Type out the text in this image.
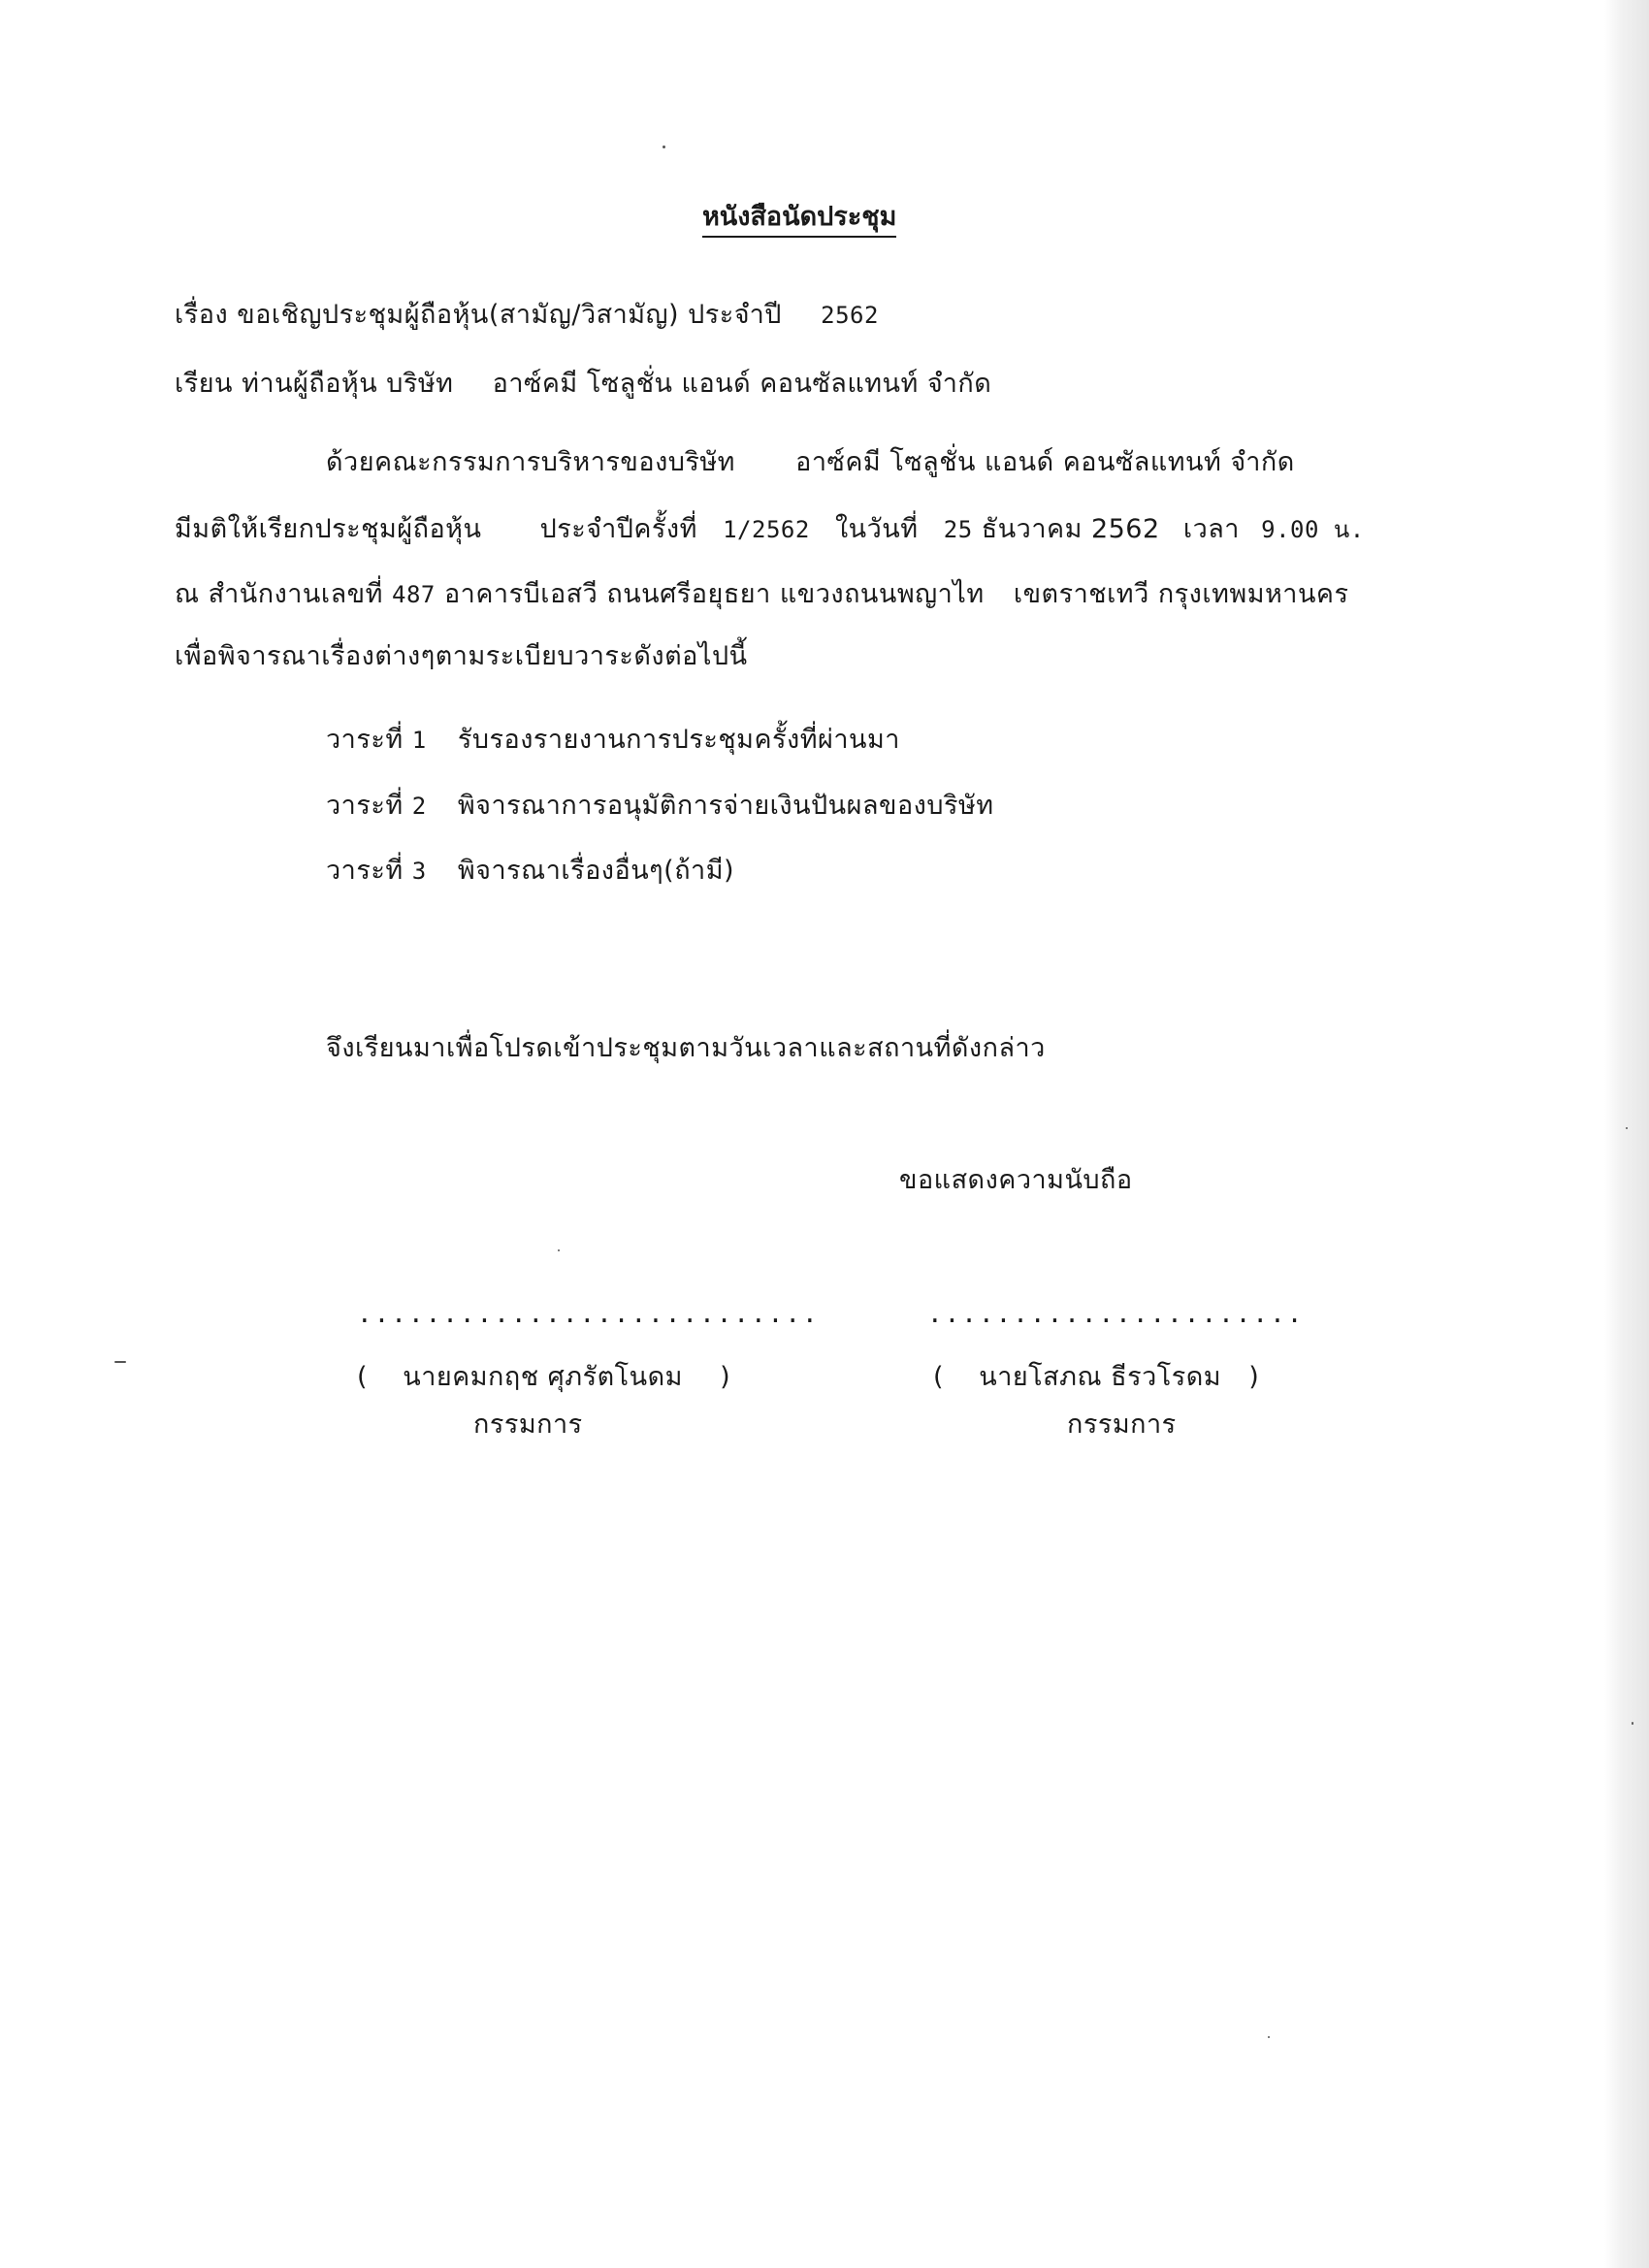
หนังสือนัดประชุม
เรื่อง ขอเชิญประชุมผู้ถือหุ้น(สามัญ/วิสามัญ) ประจำปี 2562
เรียน ท่านผู้ถือหุ้น บริษัท อาซ์คมี โซลูชั่น แอนด์ คอนซัลแทนท์ จำกัด
ด้วยคณะกรรมการบริหารของบริษัท อาซ์คมี โซลูชั่น แอนด์ คอนซัลแทนท์ จำกัด
มีมติให้เรียกประชุมผู้ถือหุ้น ประจำปีครั้งที่ 1/2562 ในวันที่ 25 ธันวาคม 2562 เวลา 9.00 น.
ณ สำนักงานเลขที่ 487 อาคารบีเอสวี ถนนศรีอยุธยา แขวงถนนพญาไท เขตราชเทวี กรุงเทพมหานคร
เพื่อพิจารณาเรื่องต่างๆตามระเบียบวาระดังต่อไปนี้
วาระที่ 1 รับรองรายงานการประชุมครั้งที่ผ่านมา
วาระที่ 2 พิจารณาการอนุมัติการจ่ายเงินปันผลของบริษัท
วาระที่ 3 พิจารณาเรื่องอื่นๆ(ถ้ามี)
จึงเรียนมาเพื่อโปรดเข้าประชุมตามวันเวลาและสถานที่ดังกล่าว
ขอแสดงความนับถือ
...........................
( นายคมกฤช ศุภรัตโนดม )
กรรมการ
......................
( นายโสภณ ธีรวโรดม )
กรรมการ
